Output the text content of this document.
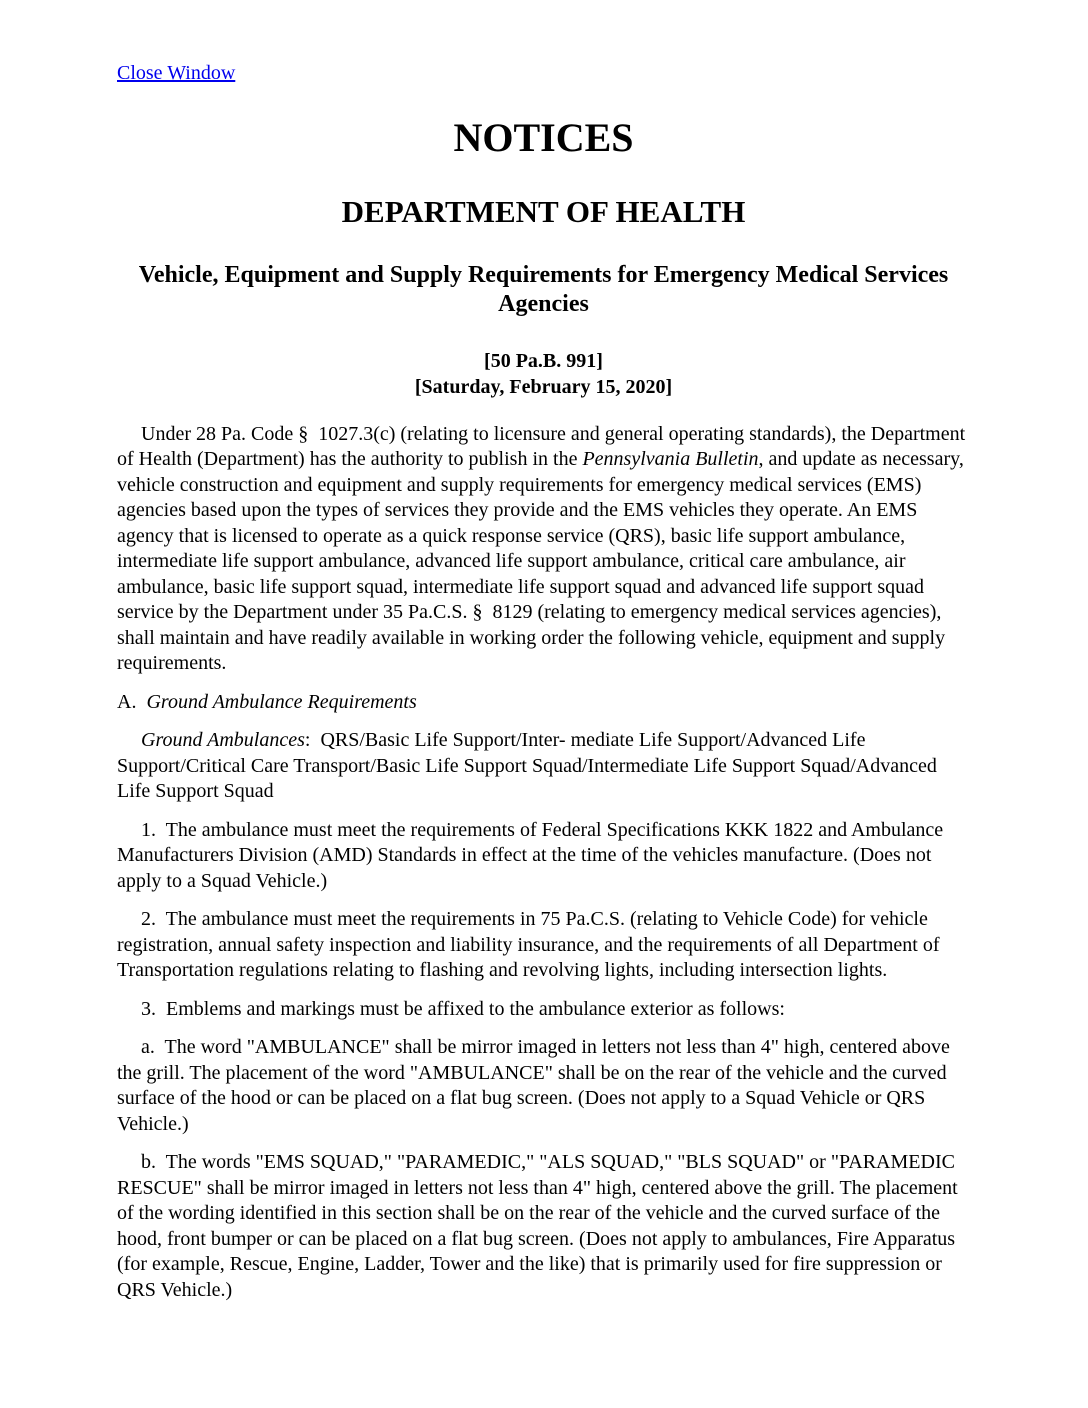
Close Window
NOTICES
DEPARTMENT OF HEALTH
Vehicle, Equipment and Supply Requirements for Emergency Medical Services Agencies
[50 Pa.B. 991]
[Saturday, February 15, 2020]

Under 28 Pa. Code §  1027.3(c) (relating to licensure and general operating standards), the Department of Health (Department) has the authority to publish in the Pennsylvania Bulletin, and update as necessary, vehicle construction and equipment and supply requirements for emergency medical services (EMS) agencies based upon the types of services they provide and the EMS vehicles they operate. An EMS agency that is licensed to operate as a quick response service (QRS), basic life support ambulance, intermediate life support ambulance, advanced life support ambulance, critical care ambulance, air ambulance, basic life support squad, intermediate life support squad and advanced life support squad service by the Department under 35 Pa.C.S. §  8129 (relating to emergency medical services agencies), shall maintain and have readily available in working order the following vehicle, equipment and supply requirements.

A.  Ground Ambulance Requirements

Ground Ambulances:  QRS/Basic Life Support/Inter- mediate Life Support/Advanced Life Support/Critical Care Transport/Basic Life Support Squad/Intermediate Life Support Squad/Advanced Life Support Squad

1.  The ambulance must meet the requirements of Federal Specifications KKK 1822 and Ambulance Manufacturers Division (AMD) Standards in effect at the time of the vehicles manufacture. (Does not apply to a Squad Vehicle.)

2.  The ambulance must meet the requirements in 75 Pa.C.S. (relating to Vehicle Code) for vehicle registration, annual safety inspection and liability insurance, and the requirements of all Department of Transportation regulations relating to flashing and revolving lights, including intersection lights.

3.  Emblems and markings must be affixed to the ambulance exterior as follows:

a.  The word "AMBULANCE" shall be mirror imaged in letters not less than 4" high, centered above the grill. The placement of the word "AMBULANCE" shall be on the rear of the vehicle and the curved surface of the hood or can be placed on a flat bug screen. (Does not apply to a Squad Vehicle or QRS Vehicle.)

b.  The words "EMS SQUAD," "PARAMEDIC," "ALS SQUAD," "BLS SQUAD" or "PARAMEDIC RESCUE" shall be mirror imaged in letters not less than 4" high, centered above the grill. The placement of the wording identified in this section shall be on the rear of the vehicle and the curved surface of the hood, front bumper or can be placed on a flat bug screen. (Does not apply to ambulances, Fire Apparatus (for example, Rescue, Engine, Ladder, Tower and the like) that is primarily used for fire suppression or QRS Vehicle.)
